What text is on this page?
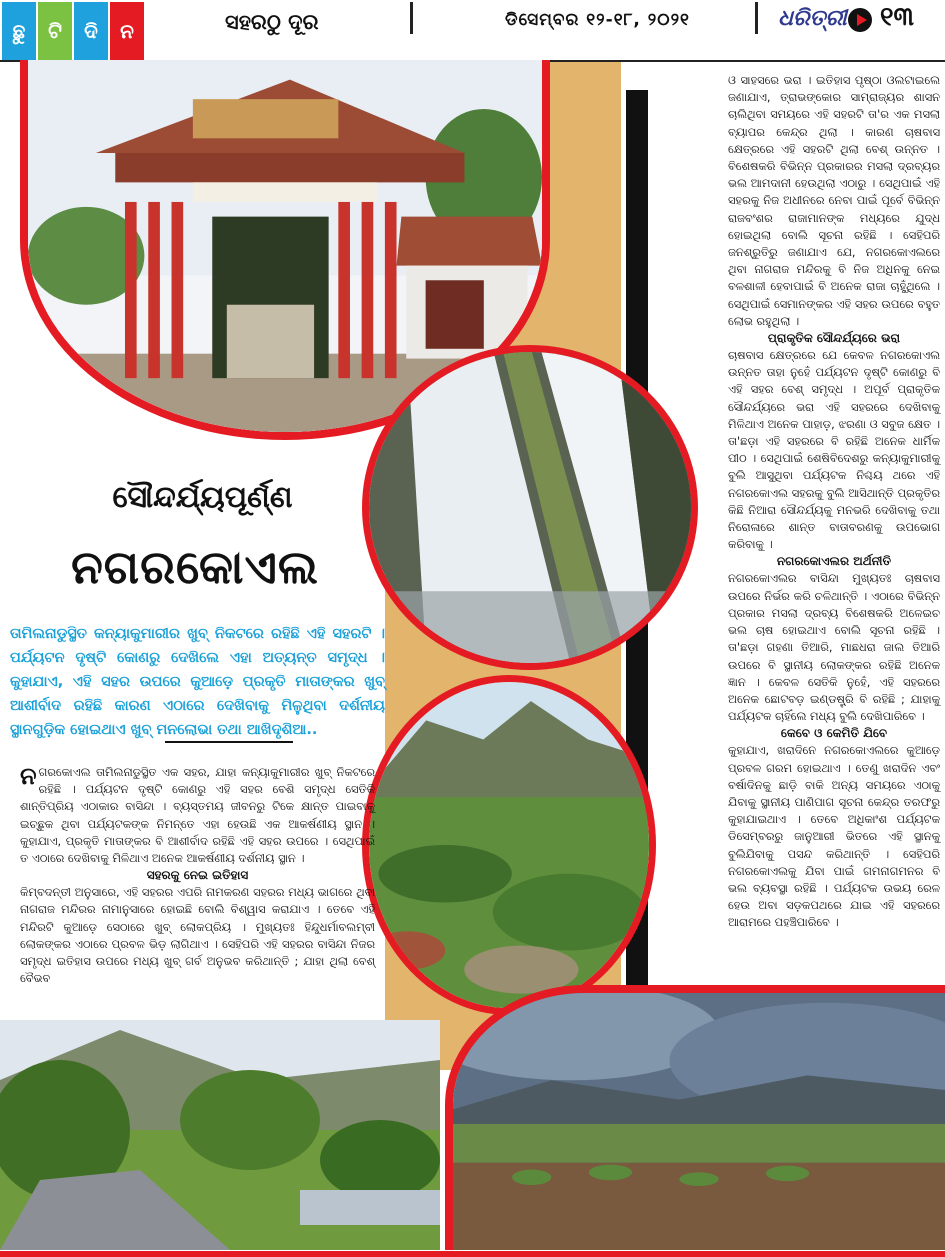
ଛୁ	ଟି	ଦି	ନ	ସହରଠୁ ଦୂର	ଡିସେମ୍ବର ୧୨-୧୮, ୨୦୨୧	ଧରିତ୍ରୀ ୧୩
ସୌନ୍ଦର୍ଯ୍ୟପୂର୍ଣ୍ଣ
ନଗରକୋଏଲ
ତାମିଲନାଡୁସ୍ଥିତ କନ୍ୟାକୁମାରୀର ଖୁବ୍ ନିକଟରେ ରହିଛି ଏହି ସହରଟି । ପର୍ଯ୍ୟଟନ ଦୃଷ୍ଟି କୋଣରୁ ଦେଖିଲେ ଏହା ଅତ୍ୟନ୍ତ ସମୃଦ୍ଧ । କୁହାଯାଏ, ଏହି ସହର ଉପରେ କୁଆଡ଼େ ପ୍ରକୃତି ମାତାଙ୍କର ଖୁବ୍ ଆଶୀର୍ବାଦ ରହିଛି କାରଣ ଏଠାରେ ଦେଖିବାକୁ ମିଳୁଥିବା ଦର୍ଶନୀୟ ସ୍ଥାନଗୁଡ଼ିକ ହୋଇଥାଏ ଖୁବ୍ ମନଲୋଭା ତଥା ଆଖିଦୃଶିଆ..

ନଗରକୋଏଲ ତାମିଲନାଡୁସ୍ଥିତ ଏକ ସହର, ଯାହା କନ୍ୟାକୁମାରୀର ଖୁବ୍ ନିକଟରେ ରହିଛି । ପର୍ଯ୍ୟଟନ ଦୃଷ୍ଟି କୋଣରୁ ଏହି ସହର ବେଶି ସମୃଦ୍ଧ ସେତିକି ଶାନ୍ତିପ୍ରିୟ ଏଠାକାର ବାସିନ୍ଦା । ବ୍ୟସ୍ତମୟ ଜୀବନରୁ ଟିକେ କ୍ଷାନ୍ତ ପାଇବାକୁ ଇଚ୍ଛୁକ ଥିବା ପର୍ଯ୍ୟଟକଙ୍କ ନିମନ୍ତେ ଏହା ହେଉଛି ଏକ ଆକର୍ଷଣୀୟ ସ୍ଥାନ । କୁହାଯାଏ, ପ୍ରକୃତି ମାତାଙ୍କର ବି ଆଶୀର୍ବାଦ ରହିଛି ଏହି ସହର ଉପରେ । ସେଥିପାଇଁ ତ ଏଠାରେ ଦେଖିବାକୁ ମିଳିଥାଏ ଅନେକ ଆକର୍ଷଣୀୟ ଦର୍ଶନୀୟ ସ୍ଥାନ ।

ସହରକୁ ନେଇ ଇତିହାସ

କିମ୍ବଦନ୍ତୀ ଅନୁସାରେ, ଏହି ସହରର ଏପରି ନାମକରଣ ସହରର ମଧ୍ୟ ଭାଗରେ ଥିବା ନାଗରାଜ ମନ୍ଦିରର ନାମାନୁସାରେ ହୋଇଛି ବୋଲି ବିଶ୍ୱାସ କରାଯାଏ । ତେବେ ଏହି ମନ୍ଦିରଟି କୁଆଡ଼େ ସେଠାରେ ଖୁବ୍ ଲୋକପ୍ରିୟ । ମୁଖ୍ୟତଃ ହିନ୍ଦୁଧର୍ମାବଲମ୍ବୀ ଲୋକଙ୍କର ଏଠାରେ ପ୍ରବଳ ଭିଡ଼ ଲାଗିଥାଏ । ସେହିପରି ଏହି ସହରର ବାସିନ୍ଦା ନିଜର ସମୃଦ୍ଧ ଇତିହାସ ଉପରେ ମଧ୍ୟ ଖୁବ୍ ଗର୍ବ ଅନୁଭବ କରିଥାନ୍ତି ; ଯାହା ଥିଲା ବେଶ୍ ବୈଭବ

ଓ ସାହସରେ ଭରା । ଇତିହାସ ପୃଷ୍ଠା ଓଲଟାଇଲେ ଜଣାଯାଏ, ତ୍ରାଭଙ୍କୋର ସାମ୍ରାଜ୍ୟର ଶାସନ ଚାଲିଥିବା ସମୟରେ ଏହି ସହରଟି ତା'ର ଏକ ମସଲା ବ୍ୟାପର କେନ୍ଦ୍ର ଥିଲା । କାରଣ ଚାଷବାସ କ୍ଷେତ୍ରରେ ଏହି ସହରଟି ଥିଲା ବେଶ୍ ଉନ୍ନତ । ବିଶେଷକରି ବିଭିନ୍ନ ପ୍ରକାରର ମସଲା ଦ୍ରବ୍ୟର ଭଲ ଆମଦାନୀ ହେଉଥିଲା ଏଠାରୁ । ସେଥିପାଇଁ ଏହି ସହରକୁ ନିଜ ଅଧୀନରେ ନେବା ପାଇଁ ପୂର୍ବେ ବିଭିନ୍ନ ରାଜବଂଶର ରାଜାମାନଙ୍କ ମଧ୍ୟରେ ଯୁଦ୍ଧ ହୋଇଥିଲା ବୋଲି ସୂଚନା ରହିଛି । ସେହିପରି ଜନଶ୍ରୁତିରୁ ଜଣାଯାଏ ଯେ, ନଗରକୋଏଲରେ ଥିବା ନାଗରାଜ ମନ୍ଦିରକୁ ବି ନିଜ ଅଧିନକୁ ନେଇ ବଳଶାଳୀ ହେବାପାଇଁ ବି ଅନେକ ରାଜା ଚାହୁଁଥିଲେ । ସେଥିପାଇଁ ସେମାନଙ୍କର ଏହି ସହର ଉପରେ ବହୁତ ଲୋଭ ରହୁଥିଲା ।

ପ୍ରାକୃତିକ ସୌନ୍ଦର୍ଯ୍ୟରେ ଭରା

ଚାଷବାସ କ୍ଷେତ୍ରରେ ଯେ କେବଳ ନଗରକୋଏଲ ଉନ୍ନତ ତାହା ନୁହେଁ ପର୍ଯ୍ୟଟନ ଦୃଷ୍ଟି କୋଣରୁ ବି ଏହି ସହର ବେଶ୍ ସମୃଦ୍ଧ । ଅପୂର୍ବ ପ୍ରାକୃତିକ ସୌନ୍ଦର୍ଯ୍ୟରେ ଭରା ଏହି ସହରରେ ଦେଖିବାକୁ ମିଳିଥାଏ ଅନେକ ପାହାଡ଼, ଝରଣା ଓ ସବୁଜ କ୍ଷେତ । ତା'ଛଡ଼ା ଏହି ସହରରେ ବି ରହିଛି ଅନେକ ଧାର୍ମିକ ପୀଠ । ସେଥିପାଇଁ ଶେଷିବିଦେଶରୁ କନ୍ୟାକୁମାରୀକୁ ବୁଲି ଆସୁଥିବା ପର୍ଯ୍ୟଟକ ନିଶ୍ଚୟ ଥରେ ଏହି ନଗରକୋଏଲ ସହରକୁ ବୁଲି ଆସିଥାନ୍ତି ପ୍ରକୃତିର କିଛି ନିଆରା ସୌନ୍ଦର୍ଯ୍ୟକୁ ମନଭରି ଦେଖିବାକୁ ତଥା ନିରୋଳାରେ ଶାନ୍ତ ବାତାବରଣକୁ ଉପଭୋଗ କରିବାକୁ ।

ନଗରକୋଏଲର ଅର୍ଥନୀତି

ନଗରକୋଏଲର ବାସିନ୍ଦା ମୁଖ୍ୟତଃ ଚାଷବାସ ଉପରେ ନିର୍ଭର କରି ଚଳିଥାନ୍ତି । ଏଠାରେ ବିଭିନ୍ନ ପ୍ରକାର ମସଲା ଦ୍ରବ୍ୟ ବିଶେଷକରି ଅଳେଇଚ ଭଲ ଚାଷ ହୋଇଥାଏ ବୋଲି ସୂଚନା ରହିଛି । ତା'ଛଡ଼ା ଗହଣା ତିଆରି, ମାଛଧରା ଜାଲ ତିଆରି ଉପରେ ବି ସ୍ଥାନୀୟ ଲୋକଙ୍କର ରହିଛି ଅନେକ ଜ୍ଞାନ । କେବଳ ସେତିକି ନୁହେଁ, ଏହି ସହରରେ ଅନେକ ଛୋଟବଡ଼ ଇଣ୍ଡଷ୍ଟ୍ରି ବି ରହିଛି ; ଯାହାକୁ ପର୍ଯ୍ୟଟକ ଚାହିଁଲେ ମଧ୍ୟ ବୁଲି ଦେଖିପାରିବେ ।

କେବେ ଓ କେମିତି ଯିବେ

କୁହାଯାଏ, ଖରାଦିନେ ନଗରକୋଏଲରେ କୁଆଡ଼େ ପ୍ରବଳ ଗରମ ହୋଇଥାଏ । ତେଣୁ ଖରାଦିନ ଏବଂ ବର୍ଷାଦିନକୁ ଛାଡ଼ି ବାକି ଅନ୍ୟ ସମୟରେ ଏଠାକୁ ଯିବାକୁ ସ୍ଥାନୀୟ ପାଣିପାଗ ସୂଚନା କେନ୍ଦ୍ର ତରଫରୁ କୁହାଯାଇଥାଏ । ତେବେ ଅଧିକାଂଶ ପର୍ଯ୍ୟଟକ ଡିସେମ୍ବରରୁ ଜାନୁଆରୀ ଭିତରେ ଏହି ସ୍ଥାନକୁ ବୁଲିଯିବାକୁ ପସନ୍ଦ କରିଥାନ୍ତି । ସେହିପରି ନଗରକୋଏଲକୁ ଯିବା ପାଇଁ ଗମନାଗମନର ବି ଭଲ ବ୍ୟବସ୍ଥା ରହିଛି । ପର୍ଯ୍ୟଟକ ଉଭୟ ରେଳ ହେଉ ଅବା ସଡ଼କପଥରେ ଯାଇ ଏହି ସହରରେ ଆରାମରେ ପହଞ୍ଚିପାରିବେ ।
